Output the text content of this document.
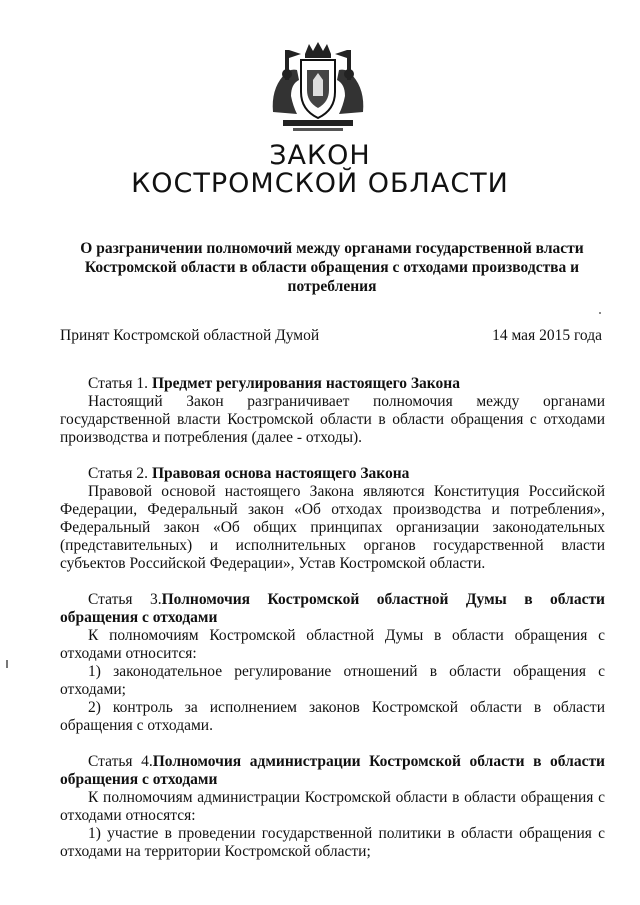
ЗАКОН
КОСТРОМСКОЙ ОБЛАСТИ
О разграничении полномочий между органами государственной власти Костромской области в области обращения с отходами производства и потребления
Принят Костромской областной Думой	14 мая 2015 года
Статья 1. Предмет регулирования настоящего Закона

Настоящий Закон разграничивает полномочия между органами государственной власти Костромской области в области обращения с отходами производства и потребления (далее - отходы).

Статья 2. Правовая основа настоящего Закона

Правовой основой настоящего Закона являются Конституция Российской Федерации, Федеральный закон «Об отходах производства и потребления», Федеральный закон «Об общих принципах организации законодательных (представительных) и исполнительных органов государственной власти субъектов Российской Федерации», Устав Костромской области.

Статья 3.Полномочия Костромской областной Думы в области обращения с отходами

К полномочиям Костромской областной Думы в области обращения с отходами относится:

1) законодательное регулирование отношений в области обращения с отходами;

2) контроль за исполнением законов Костромской области в области обращения с отходами.

Статья 4.Полномочия администрации Костромской области в области обращения с отходами

К полномочиям администрации Костромской области в области обращения с отходами относятся:

1) участие в проведении государственной политики в области обращения с отходами на территории Костромской области;
